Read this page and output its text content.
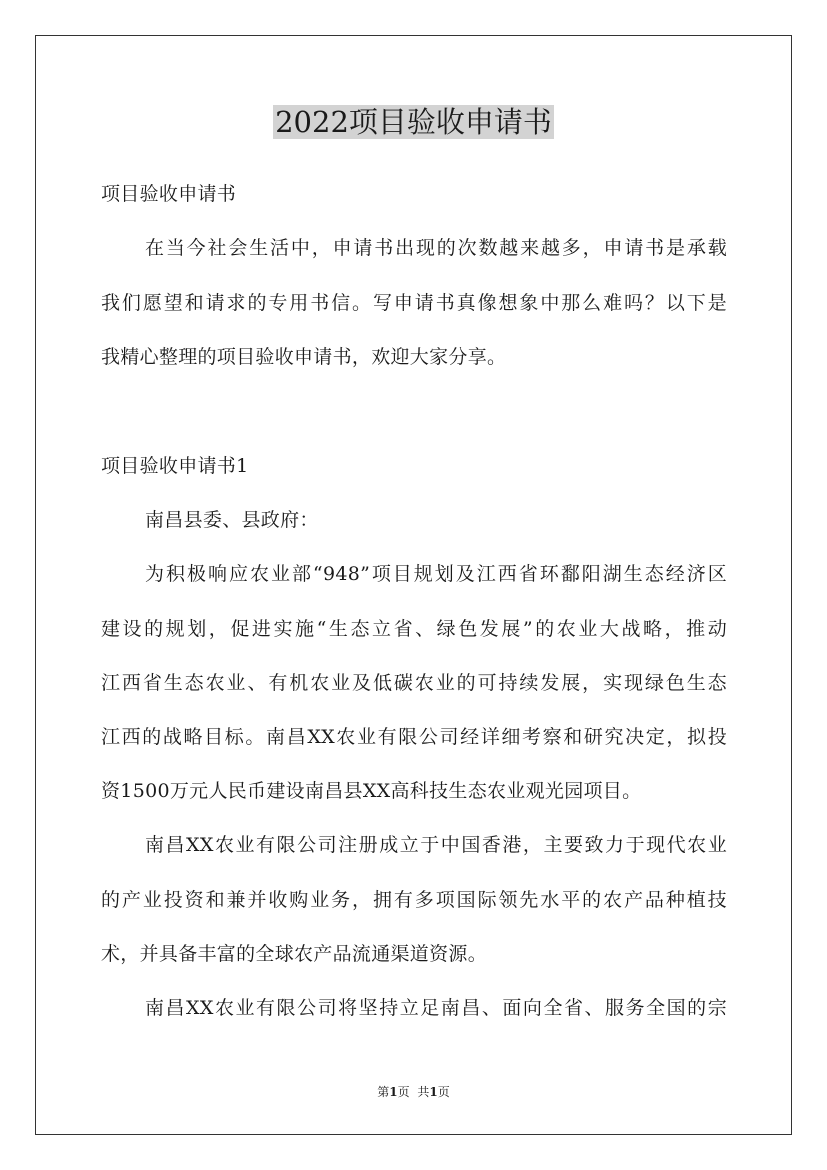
2022项目验收申请书
项目验收申请书
在当今社会生活中，申请书出现的次数越来越多，申请书是承载
我们愿望和请求的专用书信。写申请书真像想象中那么难吗？以下是
我精心整理的项目验收申请书，欢迎大家分享。
项目验收申请书1
南昌县委、县政府：
为积极响应农业部“948”项目规划及江西省环鄱阳湖生态经济区
建设的规划，促进实施“生态立省、绿色发展”的农业大战略，推动
江西省生态农业、有机农业及低碳农业的可持续发展，实现绿色生态
江西的战略目标。南昌XX农业有限公司经详细考察和研究决定，拟投
资1500万元人民币建设南昌县XX高科技生态农业观光园项目。
南昌XX农业有限公司注册成立于中国香港，主要致力于现代农业
的产业投资和兼并收购业务，拥有多项国际领先水平的农产品种植技
术，并具备丰富的全球农产品流通渠道资源。
南昌XX农业有限公司将坚持立足南昌、面向全省、服务全国的宗
第1页 共1页
